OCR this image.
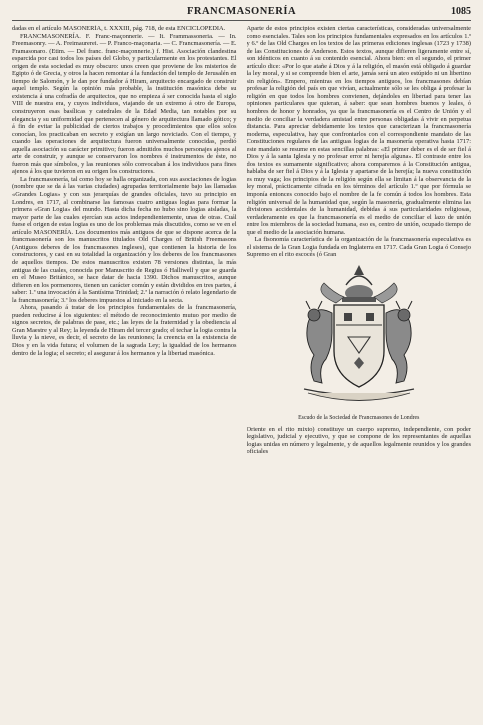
FRANCMASONERÍA	1085

dadas en el artículo MASONERÍA, t. XXXIII, pág. 718, de esta ENCICLOPEDIA.

FRANCMASONERÍA. F. Franc-maçonnerie. — It. Frammassoneria. — In. Freemasonry. — A. Freimaurerei. — P. Franco-maçonaria. — C. Francmasonería. — E. Framasonaro. (Etim. — Del franc. franc-maçonnerie.) f. Hist. Asociación clandestina esparcida por casi todos los países del Globo, y particularmente en los protestantes. El origen de esta sociedad es muy obscuro: unos creen que proviene de los misterios de Egipto ó de Grecia, y otros la hacen remontar á la fundación del templo de Jerusalén en tiempo de Salomón, y le dan por fundador á Hiram, arquitecto encargado de construir aquel templo. Según la opinión más probable, la institución masónica debe su existencia á una cofradía de arquitectos, que no empieza á ser conocida hasta el siglo VIII de nuestra era, y cuyos individuos, viajando de un extremo á otro de Europa, construyeron esas basílicas y catedrales de la Edad Media, tan notables por su elegancia y su uniformidad que pertenecen al género de arquitectura llamado gótico; y á fin de evitar la publicidad de ciertos trabajos y procedimientos que ellos solos conocían, los practicaban en secreto y exigían un largo noviciado. Con el tiempo, y cuando las operaciones de arquitectura fueron universalmente conocidas, perdió aquella asociación su carácter primitivo; fueron admitidos muchos personajes ajenos al arte de construir, y aunque se conservaron los nombres é instrumentos de éste, no fueron más que símbolos, y las reuniones sólo convocaban á los individuos para fines ajenos á los que tuvieron en su origen los constructores.

La francmasonería, tal como hoy se halla organizada, con sus asociaciones de logias (nombre que se da á las varias ciudades) agrupadas territorialmente bajo las llamadas «Grandes Logias» y con sus jerarquías de grandes oficiales, tuvo su principio en Londres, en 1717, al combinarse las famosas cuatro antiguas logias para formar la primera «Gran Logia» del mundo. Hasta dicha fecha no hubo sino logias aisladas, la mayor parte de las cuales ejercían sus actos independientemente, unas de otras. Cuál fuese el origen de estas logias es uno de los problemas más discutidos, como se ve en el artículo MASONERÍA. Los documentos más antiguos de que se dispone acerca de la francmasonería son los manuscritos titulados Old Charges of British Freemasons (Antiguos deberes de los francmasones ingleses), que contienen la historia de los constructores, y casi en su totalidad la organización y los deberes de los francmasones de aquellos tiempos. De estos manuscritos existen 78 versiones distintas, la más antigua de las cuales, conocida por Manuscrito de Regius ó Halliwell y que se guarda en el Museo Británico, se hace datar de hacia 1390. Dichos manuscritos, aunque difieren en los pormenores, tienen un carácter común y están divididos en tres partes, á saber: 1.ª una invocación á la Santísima Trinidad; 2.ª la narración ó relato legendario de la francmasonería; 3.ª los deberes impuestos al iniciado en la secta.

Ahora, pasando á tratar de los principios fundamentales de la francmasonería, pueden reducirse á los siguientes: el método de reconocimiento mutuo por medio de signos secretos, de palabras de pase, etc.; las leyes de la fraternidad y la obediencia al Gran Maestre y al Rey; la leyenda de Hiram del tercer grado; el techar la logia contra la lluvia y la nieve, es decir, el secreto de las reuniones; la creencia en la existencia de Dios y en la vida futura; el volumen de la sagrada Ley; la igualdad de los hermanos dentro de la logia; el secreto; el asegurar á los hermanos y la libertad masónica.

Aparte de estos principios existen ciertas características, consideradas universalmente como esenciales. Tales son los principios fundamentales expresados en los artículos 1.º y 6.º de las Old Charges en los textos de las primeras ediciones inglesas (1723 y 1738) de las Constituciones de Anderson. Estos textos, aunque difieren ligeramente entre sí, son idénticos en cuanto á su contenido esencial. Ahora bien: en el segundo, el primer artículo dice: «Por lo que atañe á Dios y á la religión, el masón está obligado á guardar la ley moral, y si se comprende bien el arte, jamás será un ateo estúpido ni un libertino sin religión». Empero, mientras en los tiempos antiguos, los francmasones debían profesar la religión del país en que vivían, actualmente sólo se les obliga á profesar la religión en que todos los hombres convienen, dejándoles en libertad para tener las opiniones particulares que quieran, á saber: que sean hombres buenos y leales, ó hombres de honor y honrados, ya que la francmasonería es el Centro de Unión y el medio de conciliar la verdadera amistad entre personas obligadas á vivir en perpetua distancia. Para apreciar debidamente los textos que caracterizan la francmasonería moderna, especulativa, hay que confrontarlos con el correspondiente mandato de las Constituciones regulares de las antiguas logias de la masonería operativa hasta 1717: este mandato se resume en estas sencillas palabras: «El primer deber es el de ser fiel á Dios y á la santa Iglesia y no profesar error ni herejía alguna». El contraste entre los dos textos es sumamente significativo; ahora comparemos á la Constitución antigua, hablaba de ser fiel á Dios y á la Iglesia y apartarse de la herejía; la nueva constitución es muy vaga; los principios de la religión según ella se limitan á la observancia de la ley moral, prácticamente cifrada en los términos del artículo 1.º que por fórmula se imponía entonces conocido bajo el nombre de la fe común á todos los hombres. Esta religión universal de la humanidad que, según la masonería, gradualmente elimina las divisiones accidentales de la humanidad, debidas á sus particularidades religiosas, verdaderamente es que la francmasonería es el medio de conciliar el lazo de unión entre los miembros de la sociedad humana, eso es, centro de unión, ocupado tiempo de que el medio de la asociación humana.

La fisonomía característica de la organización de la francmasonería especulativa es el sistema de la Gran Logia fundada en Inglaterra en 1717. Cada Gran Logia ó Consejo Supremo en el rito escocés (ó Gran

Escudo de la Sociedad de Francmasones de Londres

Oriente en el rito mixto) constituye un cuerpo supremo, independiente, con poder legislativo, judicial y ejecutivo, y que se compone de los representantes de aquellas logias unidas en número y legalmente, y de aquellos legalmente reunidos y los grandes oficiales
